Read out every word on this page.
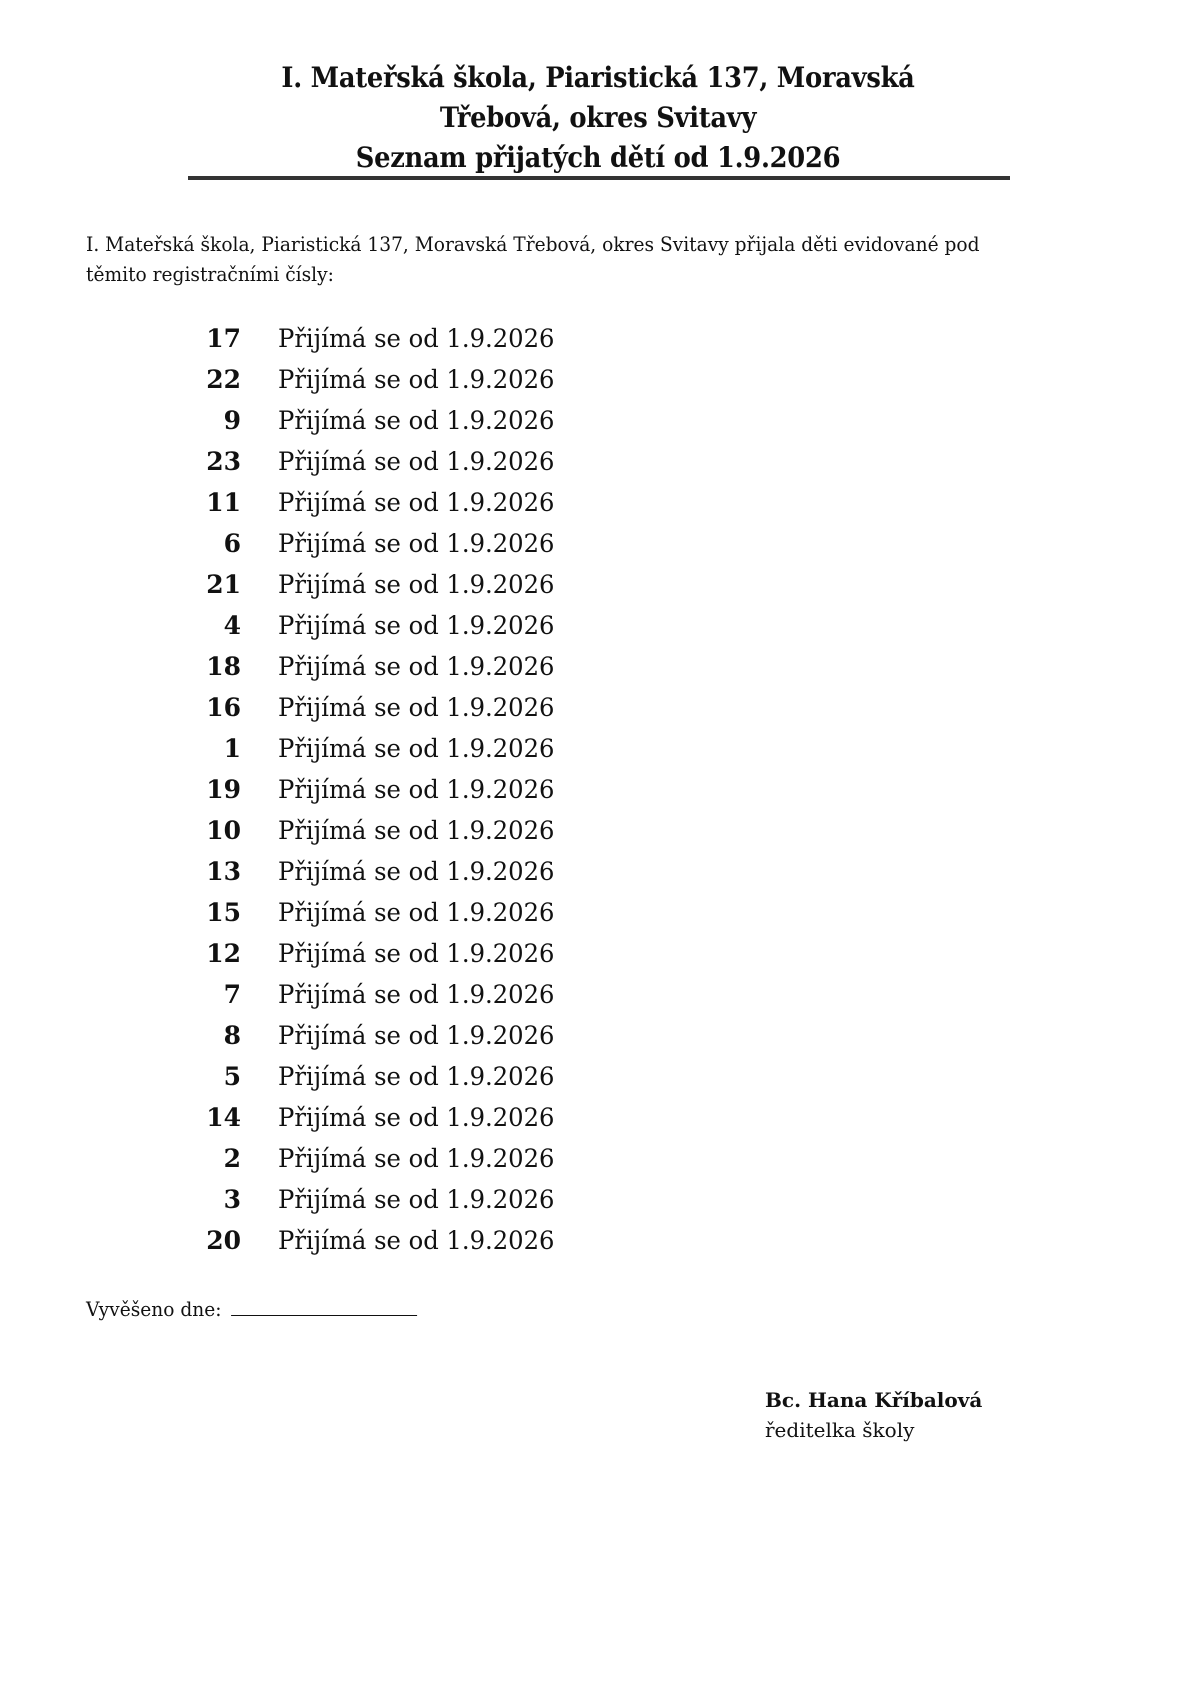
I. Mateřská škola, Piaristická 137, Moravská
Třebová, okres Svitavy
Seznam přijatých dětí od 1.9.2026
I. Mateřská škola, Piaristická 137, Moravská Třebová, okres Svitavy přijala děti evidované pod těmito registračními čísly:
17 Přijímá se od 1.9.2026
22 Přijímá se od 1.9.2026
9 Přijímá se od 1.9.2026
23 Přijímá se od 1.9.2026
11 Přijímá se od 1.9.2026
6 Přijímá se od 1.9.2026
21 Přijímá se od 1.9.2026
4 Přijímá se od 1.9.2026
18 Přijímá se od 1.9.2026
16 Přijímá se od 1.9.2026
1 Přijímá se od 1.9.2026
19 Přijímá se od 1.9.2026
10 Přijímá se od 1.9.2026
13 Přijímá se od 1.9.2026
15 Přijímá se od 1.9.2026
12 Přijímá se od 1.9.2026
7 Přijímá se od 1.9.2026
8 Přijímá se od 1.9.2026
5 Přijímá se od 1.9.2026
14 Přijímá se od 1.9.2026
2 Přijímá se od 1.9.2026
3 Přijímá se od 1.9.2026
20 Přijímá se od 1.9.2026
Vyvěšeno dne:
Bc. Hana Kříbalová
ředitelka školy
